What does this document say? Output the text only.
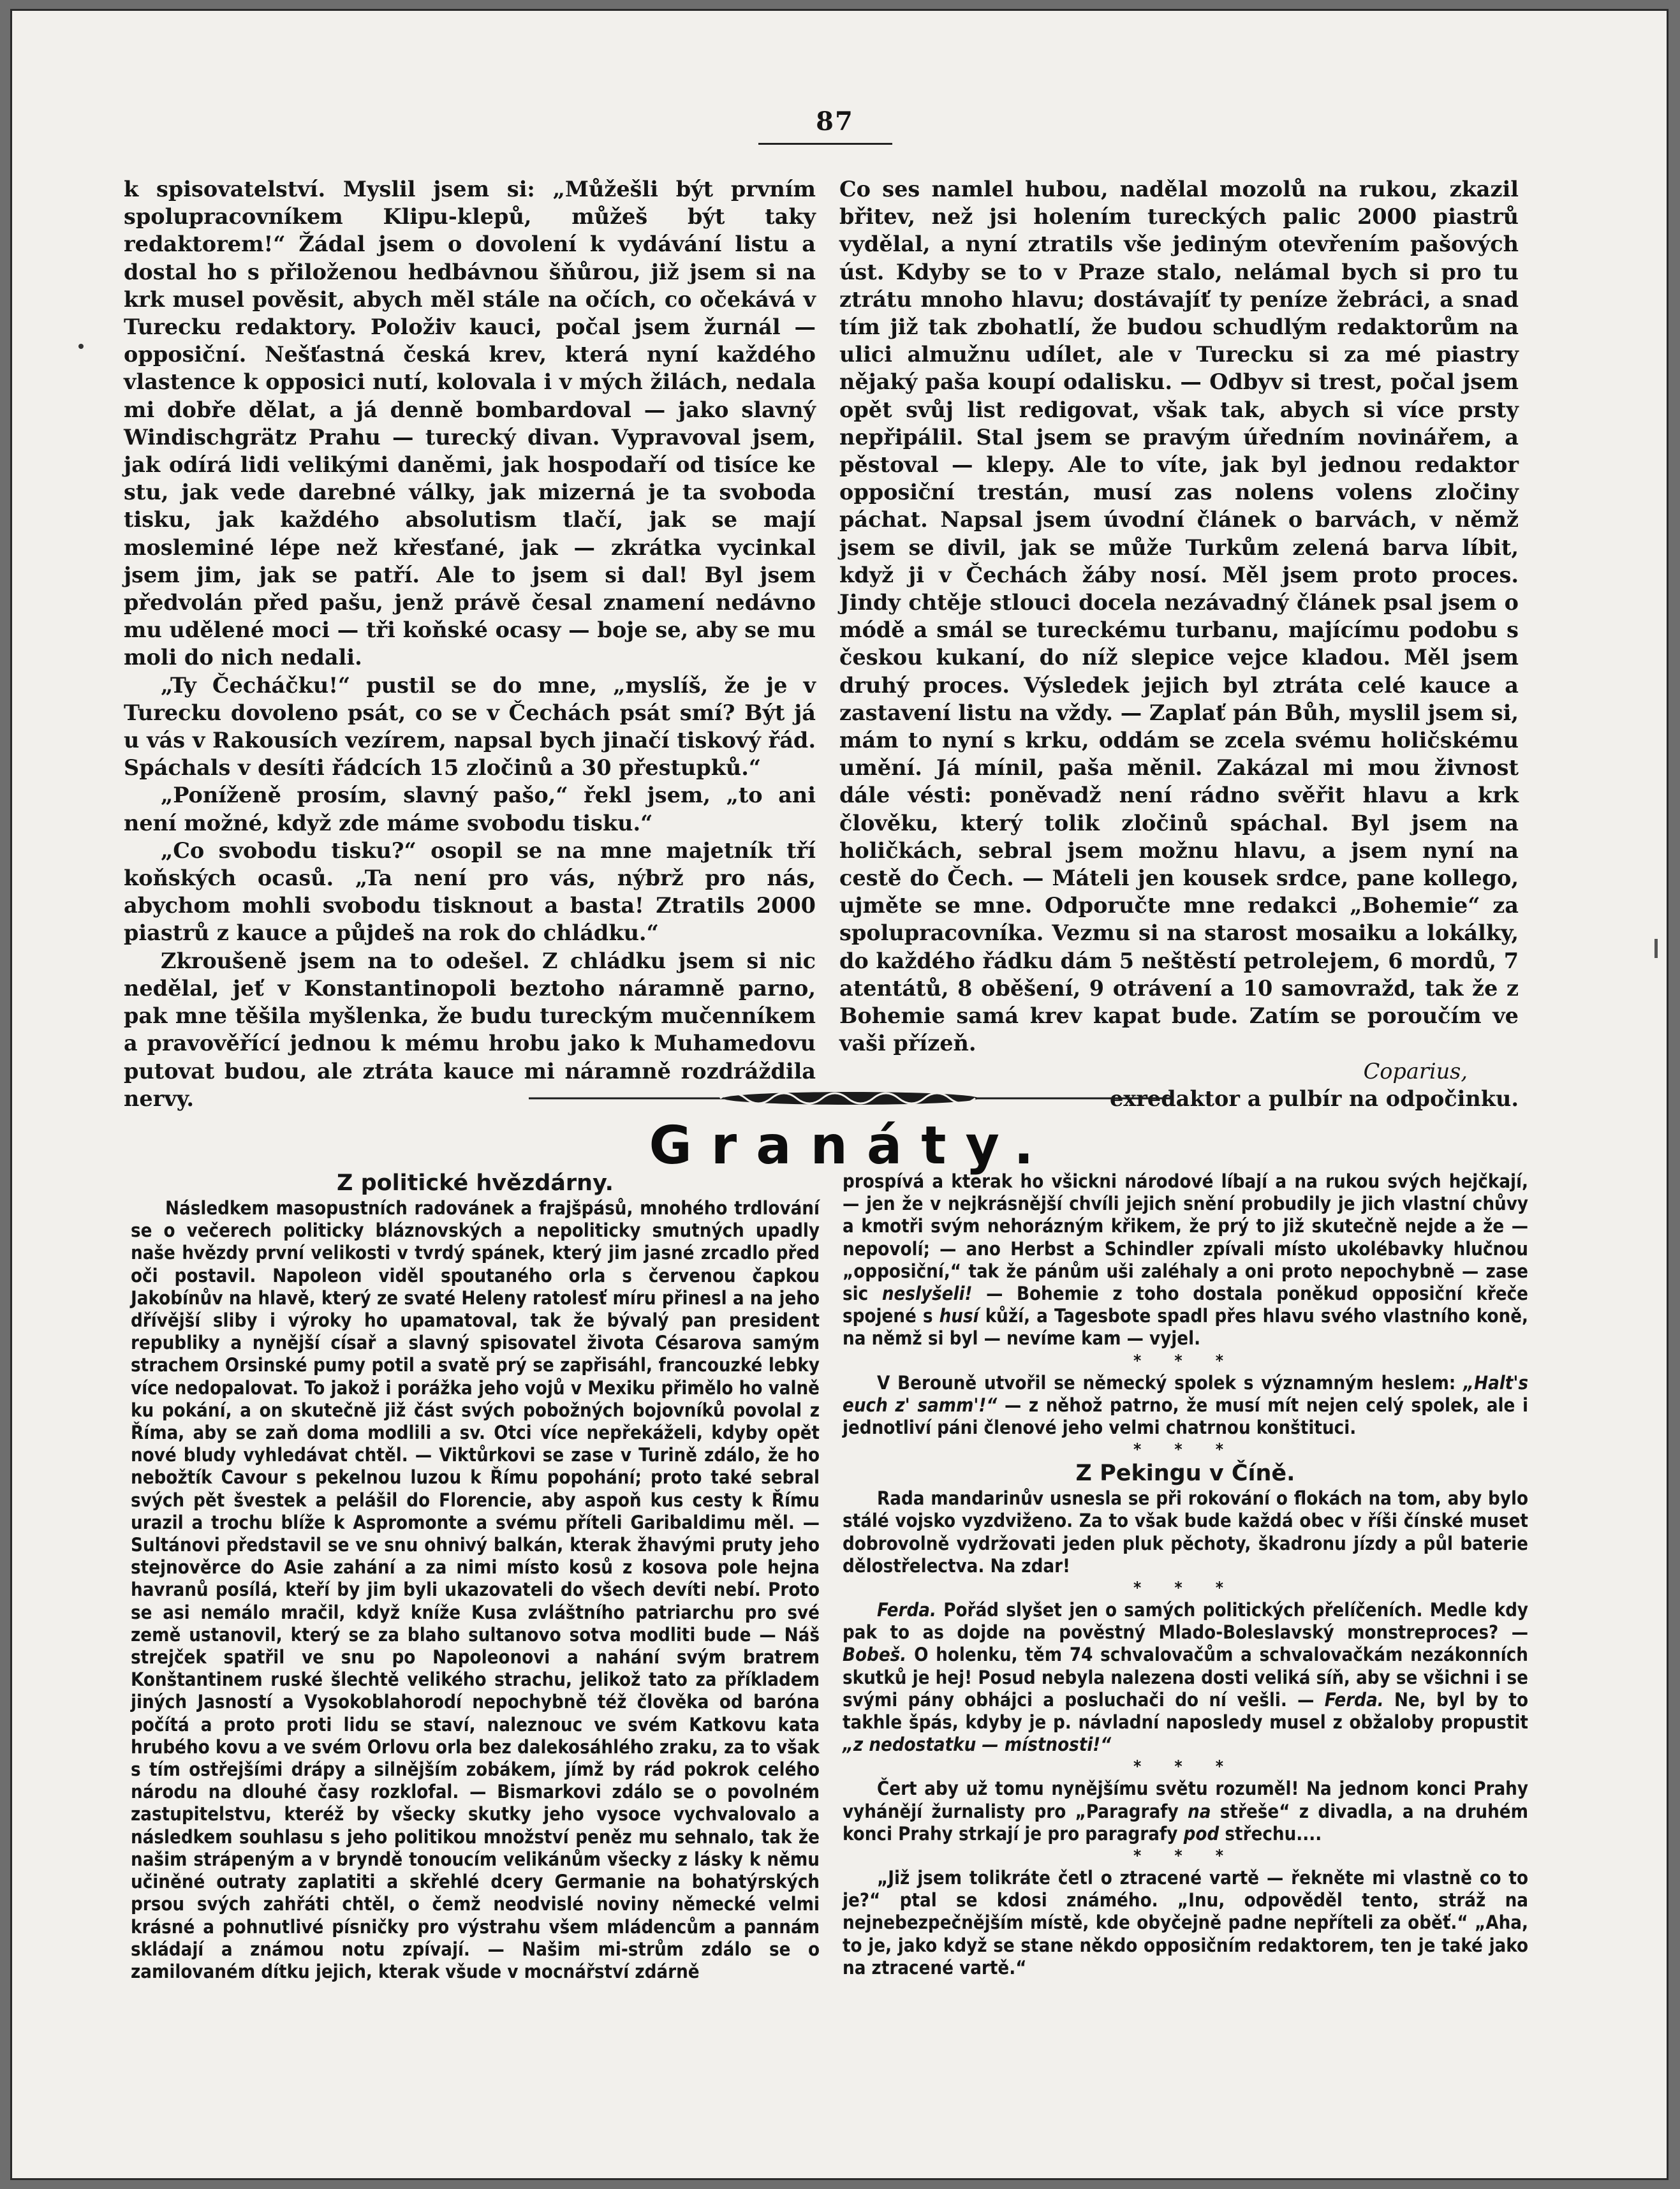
87

k spisovatelství. Myslil jsem si: „Můžešli být prvním spolupracovníkem Klipu-klepů, můžeš být taky redaktorem!“ Žádal jsem o dovolení k vydávání listu a dostal ho s přiloženou hedbávnou šňůrou, již jsem si na krk musel pověsit, abych měl stále na očích, co očekává v Turecku redaktory. Položiv kauci, počal jsem žurnál — opposiční. Nešťastná česká krev, která nyní každého vlastence k opposici nutí, kolovala i v mých žilách, nedala mi dobře dělat, a já denně bombardoval — jako slavný Windischgrätz Prahu — turecký divan. Vypravoval jsem, jak odírá lidi velikými daněmi, jak hospodaří od tisíce ke stu, jak vede darebné války, jak mizerná je ta svoboda tisku, jak každého absolutism tlačí, jak se mají mosleminé lépe než křesťané, jak — zkrátka vycinkal jsem jim, jak se patří. Ale to jsem si dal! Byl jsem předvolán před pašu, jenž právě česal znamení nedávno mu udělené moci — tři koňské ocasy — boje se, aby se mu moli do nich nedali.

„Ty Čecháčku!“ pustil se do mne, „myslíš, že je v Turecku dovoleno psát, co se v Čechách psát smí? Být já u vás v Rakousích vezírem, napsal bych jinačí tiskový řád. Spáchals v desíti řádcích 15 zločinů a 30 přestupků.“

„Poníženě prosím, slavný pašo,“ řekl jsem, „to ani není možné, když zde máme svobodu tisku.“

„Co svobodu tisku?“ osopil se na mne majetník tří koňských ocasů. „Ta není pro vás, nýbrž pro nás, abychom mohli svobodu tisknout a basta! Ztratils 2000 piastrů z kauce a půjdeš na rok do chládku.“

Zkroušeně jsem na to odešel. Z chládku jsem si nic nedělal, jeť v Konstantinopoli beztoho náramně parno, pak mne těšila myšlenka, že budu tureckým mučenníkem a pravověřící jednou k mému hrobu jako k Muhamedovu putovat budou, ale ztráta kauce mi náramně rozdráždila nervy.

Co ses namlel hubou, nadělal mozolů na rukou, zkazil břitev, než jsi holením tureckých palic 2000 piastrů vydělal, a nyní ztratils vše jediným otevřením pašových úst. Kdyby se to v Praze stalo, nelámal bych si pro tu ztrátu mnoho hlavu; dostávajíť ty peníze žebráci, a snad tím již tak zbohatlí, že budou schudlým redaktorům na ulici almužnu udílet, ale v Turecku si za mé piastry nějaký paša koupí odalisku. — Odbyv si trest, počal jsem opět svůj list redigovat, však tak, abych si více prsty nepřipálil. Stal jsem se pravým úředním novinářem, a pěstoval — klepy. Ale to víte, jak byl jednou redaktor opposiční trestán, musí zas nolens volens zločiny páchat. Napsal jsem úvodní článek o barvách, v němž jsem se divil, jak se může Turkům zelená barva líbit, když ji v Čechách žáby nosí. Měl jsem proto proces. Jindy chtěje stlouci docela nezávadný článek psal jsem o módě a smál se tureckému turbanu, majícímu podobu s českou kukaní, do níž slepice vejce kladou. Měl jsem druhý proces. Výsledek jejich byl ztráta celé kauce a zastavení listu na vždy. — Zaplať pán Bůh, myslil jsem si, mám to nyní s krku, oddám se zcela svému holičskému umění. Já mínil, paša měnil. Zakázal mi mou živnost dále vésti: poněvadž není rádno svěřit hlavu a krk člověku, který tolik zločinů spáchal. Byl jsem na holičkách, sebral jsem možnu hlavu, a jsem nyní na cestě do Čech. — Máteli jen kousek srdce, pane kollego, ujměte se mne. Odporučte mne redakci „Bohemie“ za spolupracovníka. Vezmu si na starost mosaiku a lokálky, do každého řádku dám 5 neštěstí petrolejem, 6 mordů, 7 atentátů, 8 oběšení, 9 otrávení a 10 samovražd, tak že z Bohemie samá krev kapat bude. Zatím se poroučím ve vaši přízeň.

Coparius,

exredaktor a pulbír na odpočinku.

Granáty.
Z politické hvězdárny.

Následkem masopustních radovánek a frajšpásů, mnohého trdlování se o večerech politicky bláznovských a nepoliticky smutných upadly naše hvězdy první velikosti v tvrdý spánek, který jim jasné zrcadlo před oči postavil. Napoleon viděl spoutaného orla s červenou čapkou Jakobínův na hlavě, který ze svaté Heleny ratolesť míru přinesl a na jeho dřívější sliby i výroky ho upamatoval, tak že bývalý pan president republiky a nynější císař a slavný spisovatel života Césarova samým strachem Orsinské pumy potil a svatě prý se zapřisáhl, francouzké lebky více nedopalovat. To jakož i porážka jeho vojů v Mexiku přimělo ho valně ku pokání, a on skutečně již část svých pobožných bojovníků povolal z Říma, aby se zaň doma modlili a sv. Otci více nepřekáželi, kdyby opět nové bludy vyhledávat chtěl. — Viktůrkovi se zase v Turině zdálo, že ho nebožtík Cavour s pekelnou luzou k Římu popohání; proto také sebral svých pět švestek a pelášil do Florencie, aby aspoň kus cesty k Římu urazil a trochu blíže k Aspromonte a svému příteli Garibaldimu měl. — Sultánovi představil se ve snu ohnivý balkán, kterak žhavými pruty jeho stejnověrce do Asie zahání a za nimi místo kosů z kosova pole hejna havranů posílá, kteří by jim byli ukazovateli do všech devíti nebí. Proto se asi nemálo mračil, když kníže Kusa zvláštního patriarchu pro své země ustanovil, který se za blaho sultanovo sotva modliti bude — Náš strejček spatřil ve snu po Napoleonovi a nahání svým bratrem Konštantinem ruské šlechtě velikého strachu, jelikož tato za příkladem jiných Jasností a Vysokoblahorodí nepochybně též člověka od baróna počítá a proto proti lidu se staví, naleznouc ve svém Katkovu kata hrubého kovu a ve svém Orlovu orla bez dalekosáhlého zraku, za to však s tím ostřejšími drápy a silnějším zobákem, jímž by rád pokrok celého národu na dlouhé časy rozklofal. — Bismarkovi zdálo se o povolném zastupitelstvu, kteréž by všecky skutky jeho vysoce vychvalovalo a následkem souhlasu s jeho politikou množství peněz mu sehnalo, tak že našim strápeným a v bryndě tonoucím velikánům všecky z lásky k němu učiněné outraty zaplatiti a skřehlé dcery Germanie na bohatýrských prsou svých zahřáti chtěl, o čemž neodvislé noviny německé velmi krásné a pohnutlivé písničky pro výstrahu všem mládencům a pannám skládají a známou notu zpívají. — Našim mi-strům zdálo se o zamilovaném dítku jejich, kterak všude v mocnářství zdárně

prospívá a kterak ho všickni národové líbají a na rukou svých hejčkají, — jen že v nejkrásnější chvíli jejich snění probudily je jich vlastní chůvy a kmotři svým nehorázným křikem, že prý to již skutečně nejde a že — nepovolí; — ano Herbst a Schindler zpívali místo ukolébavky hlučnou „opposiční,“ tak že pánům uši zaléhaly a oni proto nepochybně — zase sic neslyšeli! — Bohemie z toho dostala poněkud opposiční křeče spojené s husí kůží, a Tagesbote spadl přes hlavu svého vlastního koně, na němž si byl — nevíme kam — vyjel.

* * *

V Berouně utvořil se německý spolek s významným heslem: „Halt's euch z' samm'!“ — z něhož patrno, že musí mít nejen celý spolek, ale i jednotliví páni členové jeho velmi chatrnou konštituci.

* * *
Z Pekingu v Číně.

Rada mandarinův usnesla se při rokování o flokách na tom, aby bylo stálé vojsko vyzdviženo. Za to však bude každá obec v říši čínské muset dobrovolně vydržovati jeden pluk pěchoty, škadronu jízdy a půl baterie dělostřelectva. Na zdar!

* * *

Ferda. Pořád slyšet jen o samých politických přelíčeních. Medle kdy pak to as dojde na pověstný Mlado-Boleslavský monstreproces? — Bobeš. O holenku, těm 74 schvalovačům a schvalovačkám nezákonních skutků je hej! Posud nebyla nalezena dosti veliká síň, aby se všichni i se svými pány obhájci a posluchači do ní vešli. — Ferda. Ne, byl by to takhle špás, kdyby je p. návladní naposledy musel z obžaloby propustit „z nedostatku — místnosti!“

* * *

Čert aby už tomu nynějšímu světu rozuměl! Na jednom konci Prahy vyhánějí žurnalisty pro „Paragrafy na střeše“ z divadla, a na druhém konci Prahy strkají je pro paragrafy pod střechu....

* * *

„Již jsem tolikráte četl o ztracené vartě — řekněte mi vlastně co to je?“ ptal se kdosi známého. „Inu, odpověděl tento, stráž na nejnebezpečnějším místě, kde obyčejně padne nepříteli za oběť.“ „Aha, to je, jako když se stane někdo opposičním redaktorem, ten je také jako na ztracené vartě.“
